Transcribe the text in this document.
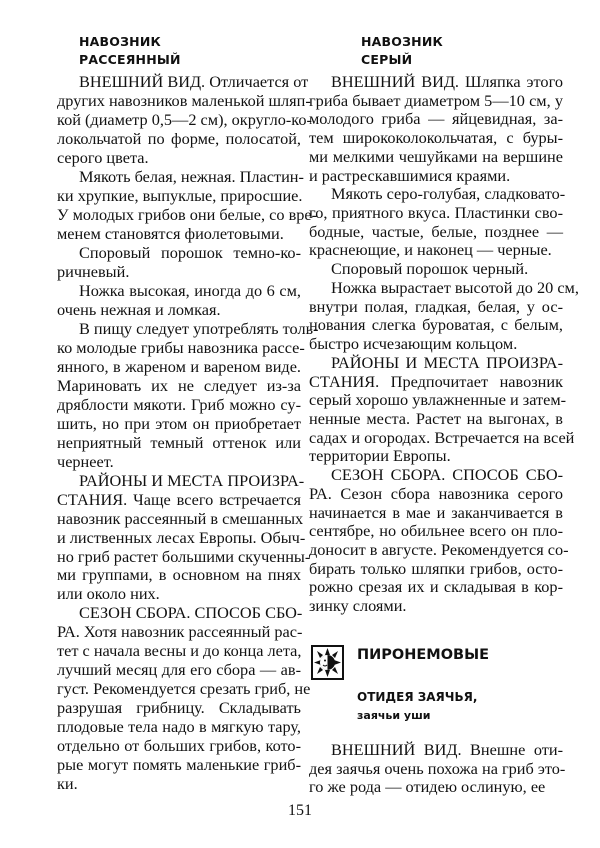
НАВОЗНИК
РАССЕЯННЫЙ
ВНЕШНИЙ ВИД. Отличается от
других навозников маленькой шляп-
кой (диаметр 0,5—2 см), округло-ко-
локольчатой по форме, полосатой,
серого цвета.
Мякоть белая, нежная. Пластин-
ки хрупкие, выпуклые, приросшие.
У молодых грибов они белые, со вре-
менем становятся фиолетовыми.
Споровый порошок темно-ко-
ричневый.
Ножка высокая, иногда до 6 см,
очень нежная и ломкая.
В пищу следует употреблять толь-
ко молодые грибы навозника рассе-
янного, в жареном и вареном виде.
Мариновать их не следует из-за
дряблости мякоти. Гриб можно су-
шить, но при этом он приобретает
неприятный темный оттенок или
чернеет.
РАЙОНЫ И МЕСТА ПРОИЗРА-
СТАНИЯ. Чаще всего встречается
навозник рассеянный в смешанных
и лиственных лесах Европы. Обыч-
но гриб растет большими скученны-
ми группами, в основном на пнях
или около них.
СЕЗОН СБОРА. СПОСОБ СБО-
РА. Хотя навозник рассеянный рас-
тет с начала весны и до конца лета,
лучший месяц для его сбора — ав-
густ. Рекомендуется срезать гриб, не
разрушая грибницу. Складывать
плодовые тела надо в мягкую тару,
отдельно от больших грибов, кото-
рые могут помять маленькие гриб-
ки.
НАВОЗНИК
СЕРЫЙ
ВНЕШНИЙ ВИД. Шляпка этого
гриба бывает диаметром 5—10 см, у
молодого гриба — яйцевидная, за-
тем ширококолокольчатая, с буры-
ми мелкими чешуйками на вершине
и растрескавшимися краями.
Мякоть серо-голубая, сладковато-
го, приятного вкуса. Пластинки сво-
бодные, частые, белые, позднее —
краснеющие, и наконец — черные.
Споровый порошок черный.
Ножка вырастает высотой до 20 см,
внутри полая, гладкая, белая, у ос-
нования слегка буроватая, с белым,
быстро исчезающим кольцом.
РАЙОНЫ И МЕСТА ПРОИЗРА-
СТАНИЯ. Предпочитает навозник
серый хорошо увлажненные и затем-
ненные места. Растет на выгонах, в
садах и огородах. Встречается на всей
территории Европы.
СЕЗОН СБОРА. СПОСОБ СБО-
РА. Сезон сбора навозника серого
начинается в мае и заканчивается в
сентябре, но обильнее всего он пло-
доносит в августе. Рекомендуется со-
бирать только шляпки грибов, осто-
рожно срезая их и складывая в кор-
зинку слоями.
ПИРОНЕМОВЫЕ
ОТИДЕЯ ЗАЯЧЬЯ,
заячьи уши
ВНЕШНИЙ ВИД. Внешне оти-
дея заячья очень похожа на гриб это-
го же рода — отидею ослиную, ее
151
